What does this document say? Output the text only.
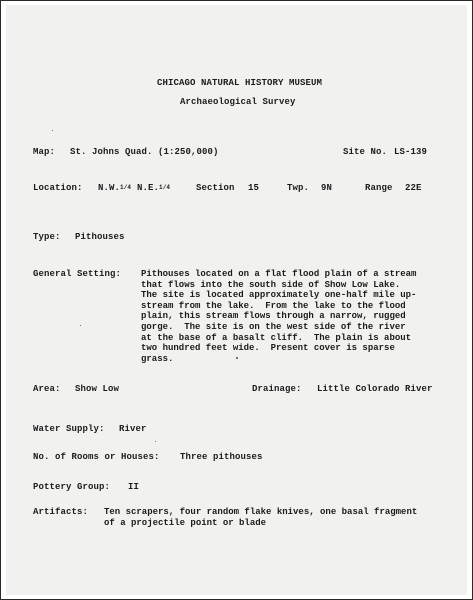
CHICAGO NATURAL HISTORY MUSEUM
Archaeological Survey
Map: St. Johns Quad. (1:250,000)	Site No. LS-139
Location: N.W.1/4 N.E.1/4	Section 15	Twp. 9N	Range 22E
Type: Pithouses
General Setting: Pithouses located on a flat flood plain of a stream
that flows into the south side of Show Low Lake.
The site is located approximately one-half mile up-
stream from the lake.  From the lake to the flood
plain, this stream flows through a narrow, rugged
gorge.  The site is on the west side of the river
at the base of a basalt cliff.  The plain is about
two hundred feet wide.  Present cover is sparse
grass.
Area: Show Low	Drainage: Little Colorado River
Water Supply: River
No. of Rooms or Houses: Three pithouses
Pottery Group: II
Artifacts: Ten scrapers, four random flake knives, one basal fragment
of a projectile point or blade
